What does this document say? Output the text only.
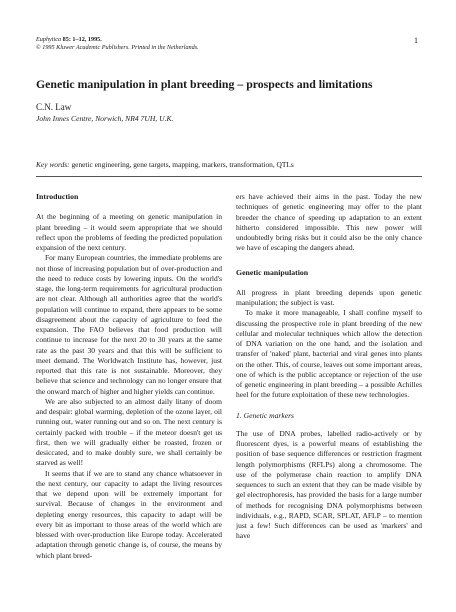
Euphytica 85: 1–12, 1995.
© 1995 Kluwer Academic Publishers. Printed in the Netherlands.
1
Genetic manipulation in plant breeding – prospects and limitations
C.N. Law
John Innes Centre, Norwich, NR4 7UH, U.K.
Key words: genetic engineering, gene targets, mapping, markers, transformation, QTLs
Introduction

At the beginning of a meeting on genetic manipulation in plant breeding – it would seem appropriate that we should reflect upon the problems of feeding the predicted population expansion of the next century.

For many European countries, the immediate problems are not those of increasing population but of over-production and the need to reduce costs by lowering inputs. On the world's stage, the long-term requirements for agricultural production are not clear. Although all authorities agree that the world's population will continue to expand, there appears to be some disagreement about the capacity of agriculture to feed the expansion. The FAO believes that food production will continue to increase for the next 20 to 30 years at the same rate as the past 30 years and that this will be sufficient to meet demand. The Worldwatch Institute has, however, just reported that this rate is not sustainable. Moreover, they believe that science and technology can no longer ensure that the onward march of higher and higher yields can continue.

We are also subjected to an almost daily litany of doom and despair: global warming, depletion of the ozone layer, oil running out, water running out and so on. The next century is certainly packed with trouble – if the meteor doesn't get us first, then we will gradually either be roasted, frozen or desiccated, and to make doubly sure, we shall certainly be starved as well!

It seems that if we are to stand any chance whatsoever in the next century, our capacity to adapt the living resources that we depend upon will be extremely important for survival. Because of changes in the environment and depleting energy resources, this capacity to adapt will be every bit as important to those areas of the world which are blessed with over-production like Europe today. Accelerated adaptation through genetic change is, of course, the means by which plant breed-

ers have achieved their aims in the past. Today the new techniques of genetic engineering may offer to the plant breeder the chance of speeding up adaptation to an extent hitherto considered impossible. This new power will undoubtedly bring risks but it could also be the only chance we have of escaping the dangers ahead.

Genetic manipulation

All progress in plant breeding depends upon genetic manipulation; the subject is vast.

To make it more manageable, I shall confine myself to discussing the prospective role in plant breeding of the new cellular and molecular techniques which allow the detection of DNA variation on the one hand, and the isolation and transfer of 'naked' plant, bacterial and viral genes into plants on the other. This, of course, leaves out some important areas, one of which is the public acceptance or rejection of the use of genetic engineering in plant breeding – a possible Achilles heel for the future exploitation of these new technologies.

1. Genetic markers

The use of DNA probes, labelled radio-actively or by fluorescent dyes, is a powerful means of establishing the position of base sequence differences or restriction fragment length polymorphisms (RFLPs) along a chromosome. The use of the polymerase chain reaction to amplify DNA sequences to such an extent that they can be made visible by gel electrophoresis, has provided the basis for a large number of methods for recognising DNA polymorphisms between individuals, e.g., RAPD, SCAR, SPLAT, AFLP – to mention just a few! Such differences can be used as 'markers' and have
